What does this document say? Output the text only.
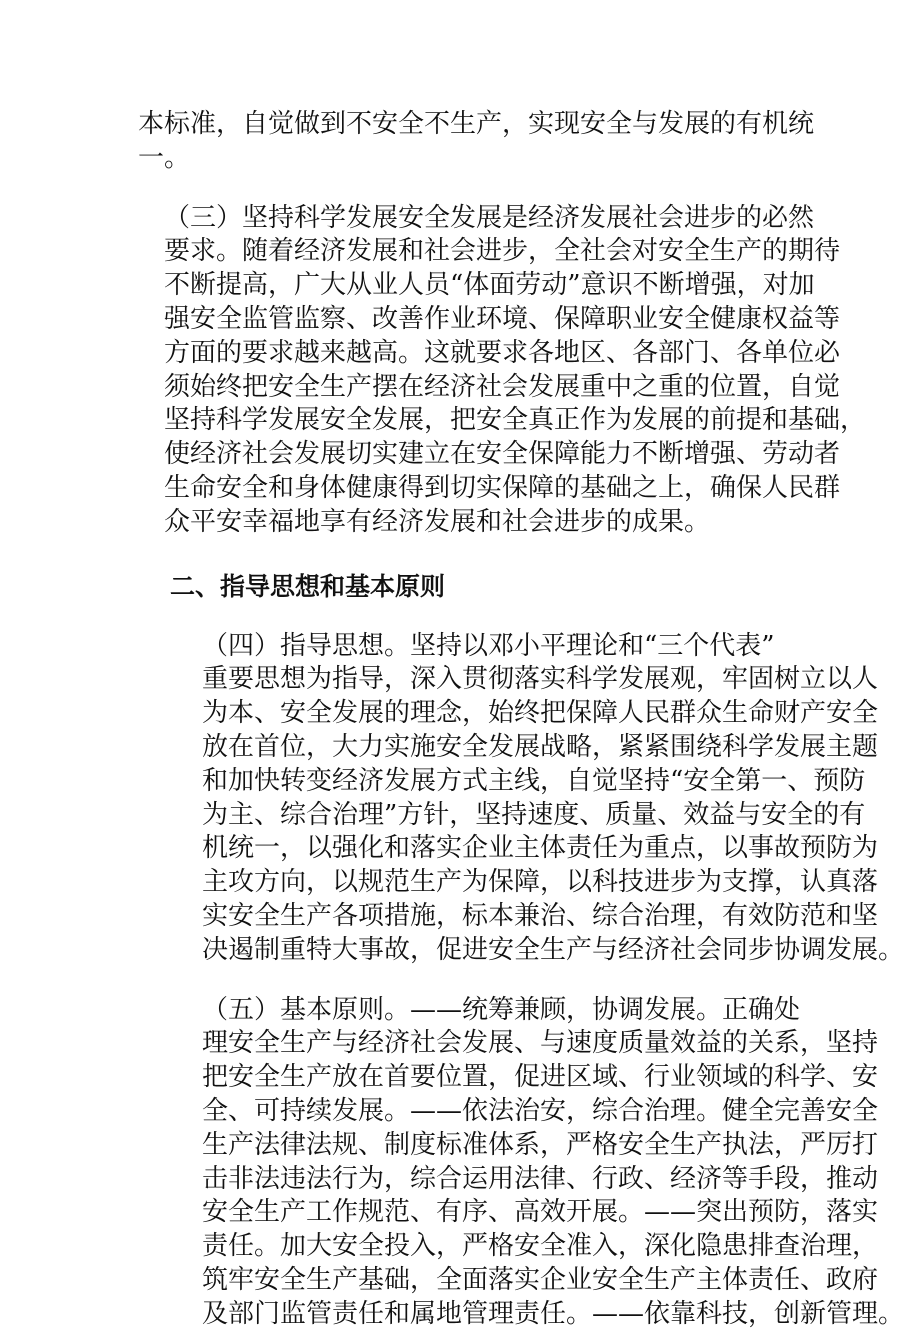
本标准，自觉做到不安全不生产，实现安全与发展的有机统
一。

（三）坚持科学发展安全发展是经济发展社会进步的必然
要求。随着经济发展和社会进步，全社会对安全生产的期待
不断提高，广大从业人员“体面劳动”意识不断增强，对加
强安全监管监察、改善作业环境、保障职业安全健康权益等
方面的要求越来越高。这就要求各地区、各部门、各单位必
须始终把安全生产摆在经济社会发展重中之重的位置，自觉
坚持科学发展安全发展，把安全真正作为发展的前提和基础，
使经济社会发展切实建立在安全保障能力不断增强、劳动者
生命安全和身体健康得到切实保障的基础之上，确保人民群
众平安幸福地享有经济发展和社会进步的成果。

二、指导思想和基本原则

（四）指导思想。坚持以邓小平理论和“三个代表”
重要思想为指导，深入贯彻落实科学发展观，牢固树立以人
为本、安全发展的理念，始终把保障人民群众生命财产安全
放在首位，大力实施安全发展战略，紧紧围绕科学发展主题
和加快转变经济发展方式主线，自觉坚持“安全第一、预防
为主、综合治理”方针，坚持速度、质量、效益与安全的有
机统一，以强化和落实企业主体责任为重点，以事故预防为
主攻方向，以规范生产为保障，以科技进步为支撑，认真落
实安全生产各项措施，标本兼治、综合治理，有效防范和坚
决遏制重特大事故，促进安全生产与经济社会同步协调发展。

（五）基本原则。——统筹兼顾，协调发展。正确处
理安全生产与经济社会发展、与速度质量效益的关系，坚持
把安全生产放在首要位置，促进区域、行业领域的科学、安
全、可持续发展。——依法治安，综合治理。健全完善安全
生产法律法规、制度标准体系，严格安全生产执法，严厉打
击非法违法行为，综合运用法律、行政、经济等手段，推动
安全生产工作规范、有序、高效开展。——突出预防，落实
责任。加大安全投入，严格安全准入，深化隐患排查治理，
筑牢安全生产基础，全面落实企业安全生产主体责任、政府
及部门监管责任和属地管理责任。——依靠科技，创新管理。
